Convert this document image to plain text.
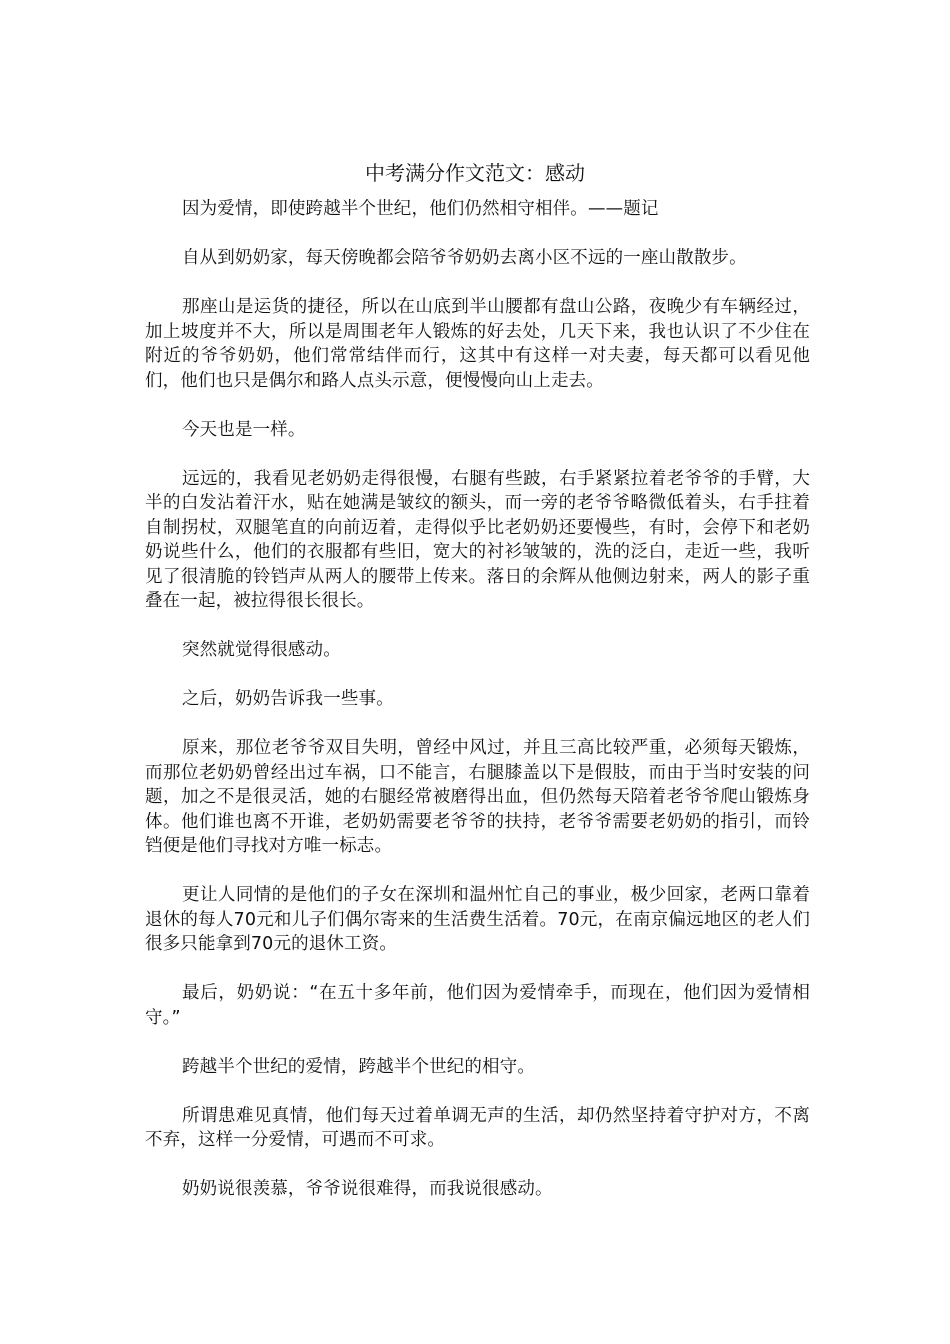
中考满分作文范文：感动

因为爱情，即使跨越半个世纪，他们仍然相守相伴。——题记

自从到奶奶家，每天傍晚都会陪爷爷奶奶去离小区不远的一座山散散步。

那座山是运货的捷径，所以在山底到半山腰都有盘山公路，夜晚少有车辆经过，加上坡度并不大，所以是周围老年人锻炼的好去处，几天下来，我也认识了不少住在附近的爷爷奶奶，他们常常结伴而行，这其中有这样一对夫妻，每天都可以看见他们，他们也只是偶尔和路人点头示意，便慢慢向山上走去。

今天也是一样。

远远的，我看见老奶奶走得很慢，右腿有些跛，右手紧紧拉着老爷爷的手臂，大半的白发沾着汗水，贴在她满是皱纹的额头，而一旁的老爷爷略微低着头，右手拄着自制拐杖，双腿笔直的向前迈着，走得似乎比老奶奶还要慢些，有时，会停下和老奶奶说些什么，他们的衣服都有些旧，宽大的衬衫皱皱的，洗的泛白，走近一些，我听见了很清脆的铃铛声从两人的腰带上传来。落日的余辉从他侧边射来，两人的影子重叠在一起，被拉得很长很长。

突然就觉得很感动。

之后，奶奶告诉我一些事。

原来，那位老爷爷双目失明，曾经中风过，并且三高比较严重，必须每天锻炼，而那位老奶奶曾经出过车祸，口不能言，右腿膝盖以下是假肢，而由于当时安装的问题，加之不是很灵活，她的右腿经常被磨得出血，但仍然每天陪着老爷爷爬山锻炼身体。他们谁也离不开谁，老奶奶需要老爷爷的扶持，老爷爷需要老奶奶的指引，而铃铛便是他们寻找对方唯一标志。

更让人同情的是他们的子女在深圳和温州忙自己的事业，极少回家，老两口靠着退休的每人70元和儿子们偶尔寄来的生活费生活着。70元，在南京偏远地区的老人们很多只能拿到70元的退休工资。

最后，奶奶说：“在五十多年前，他们因为爱情牵手，而现在，他们因为爱情相守。”

跨越半个世纪的爱情，跨越半个世纪的相守。

所谓患难见真情，他们每天过着单调无声的生活，却仍然坚持着守护对方，不离不弃，这样一分爱情，可遇而不可求。

奶奶说很羡慕，爷爷说很难得，而我说很感动。
